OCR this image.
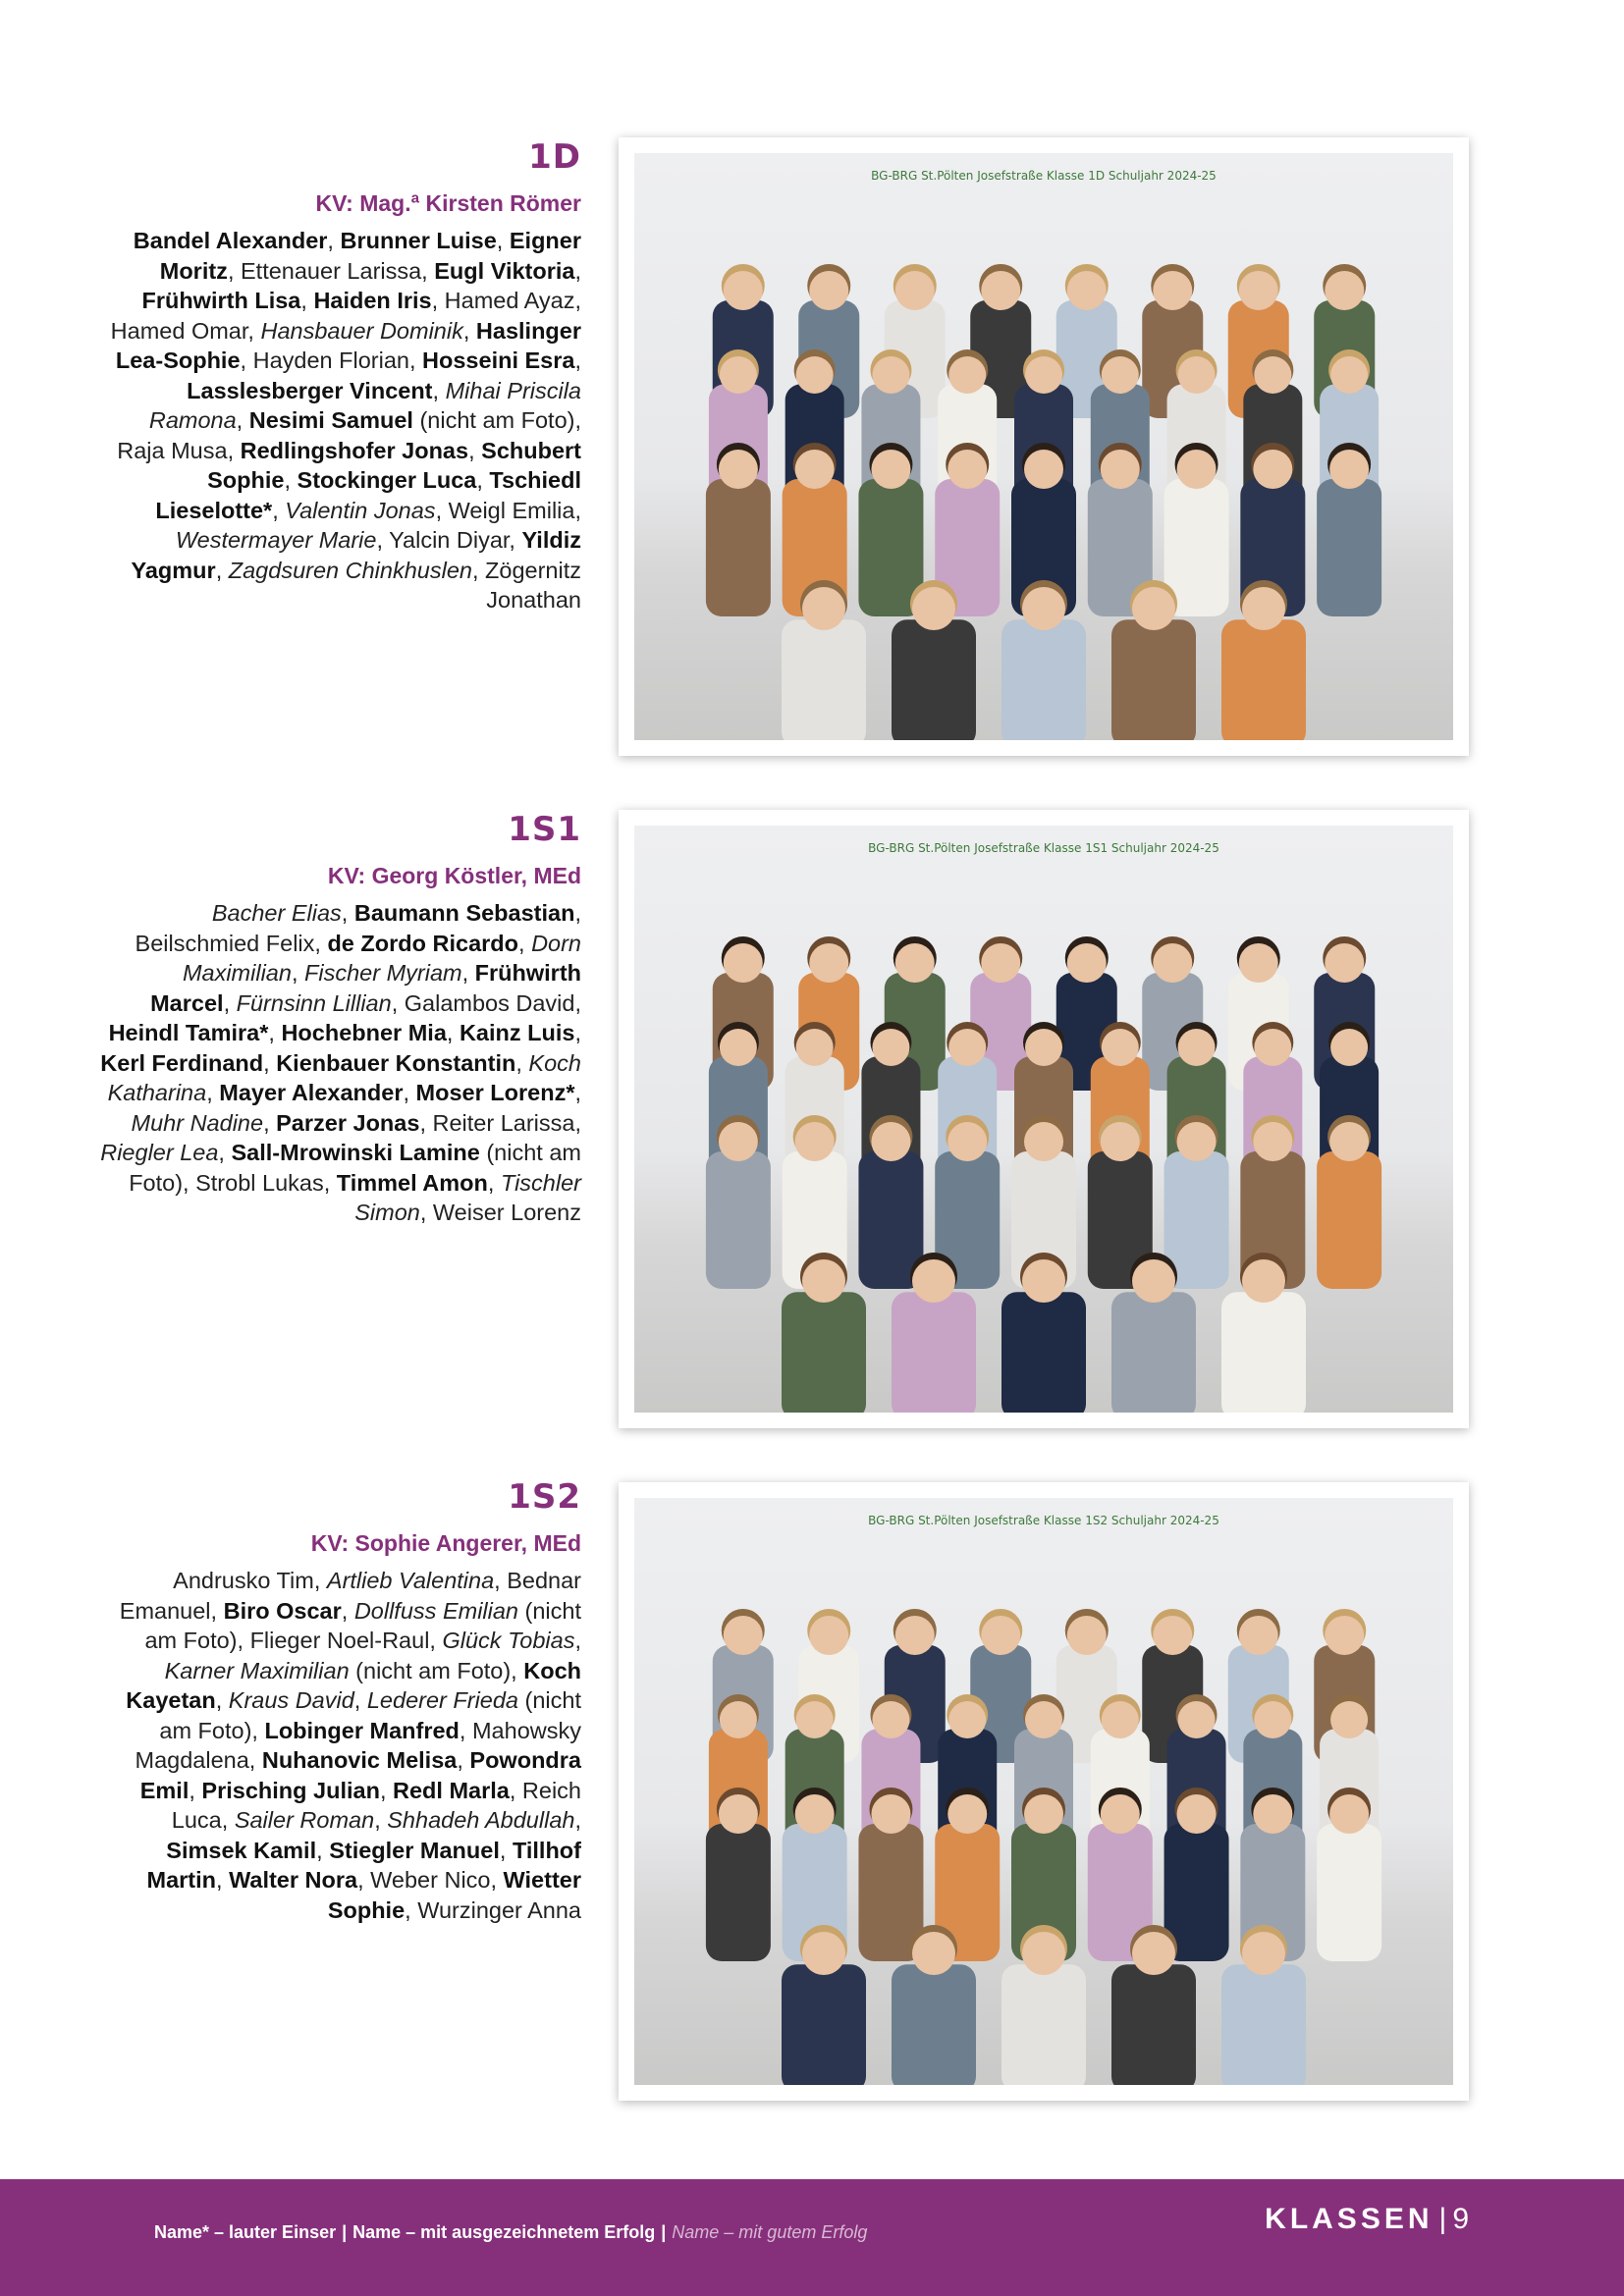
1D
KV: Mag.ª Kirsten Römer
Bandel Alexander, Brunner Luise, Eigner Moritz, Ettenauer Larissa, Eugl Viktoria, Frühwirth Lisa, Haiden Iris, Hamed Ayaz, Hamed Omar, Hansbauer Dominik, Haslinger Lea-Sophie, Hayden Florian, Hosseini Esra, Lasslesberger Vincent, Mihai Priscila Ramona, Nesimi Samuel (nicht am Foto), Raja Musa, Redlingshofer Jonas, Schubert Sophie, Stockinger Luca, Tschiedl Lieselotte*, Valentin Jonas, Weigl Emilia, Westermayer Marie, Yalcin Diyar, Yildiz Yagmur, Zagdsuren Chinkhuslen, Zögernitz Jonathan
BG-BRG St.Pölten Josefstraße Klasse 1D Schuljahr 2024-25
1S1
KV: Georg Köstler, MEd
Bacher Elias, Baumann Sebastian, Beilschmied Felix, de Zordo Ricardo, Dorn Maximilian, Fischer Myriam, Frühwirth Marcel, Fürnsinn Lillian, Galambos David, Heindl Tamira*, Hochebner Mia, Kainz Luis, Kerl Ferdinand, Kienbauer Konstantin, Koch Katharina, Mayer Alexander, Moser Lorenz*, Muhr Nadine, Parzer Jonas, Reiter Larissa, Riegler Lea, Sall-Mrowinski Lamine (nicht am Foto), Strobl Lukas, Timmel Amon, Tischler Simon, Weiser Lorenz
BG-BRG St.Pölten Josefstraße Klasse 1S1 Schuljahr 2024-25
1S2
KV: Sophie Angerer, MEd
Andrusko Tim, Artlieb Valentina, Bednar Emanuel, Biro Oscar, Dollfuss Emilian (nicht am Foto), Flieger Noel-Raul, Glück Tobias, Karner Maximilian (nicht am Foto), Koch Kayetan, Kraus David, Lederer Frieda (nicht am Foto), Lobinger Manfred, Mahowsky Magdalena, Nuhanovic Melisa, Powondra Emil, Prisching Julian, Redl Marla, Reich Luca, Sailer Roman, Shhadeh Abdullah, Simsek Kamil, Stiegler Manuel, Tillhof Martin, Walter Nora, Weber Nico, Wietter Sophie, Wurzinger Anna
BG-BRG St.Pölten Josefstraße Klasse 1S2 Schuljahr 2024-25
Name* – lauter Einser | Name – mit ausgezeichnetem Erfolg | Name – mit gutem Erfolg	KLASSEN | 9
